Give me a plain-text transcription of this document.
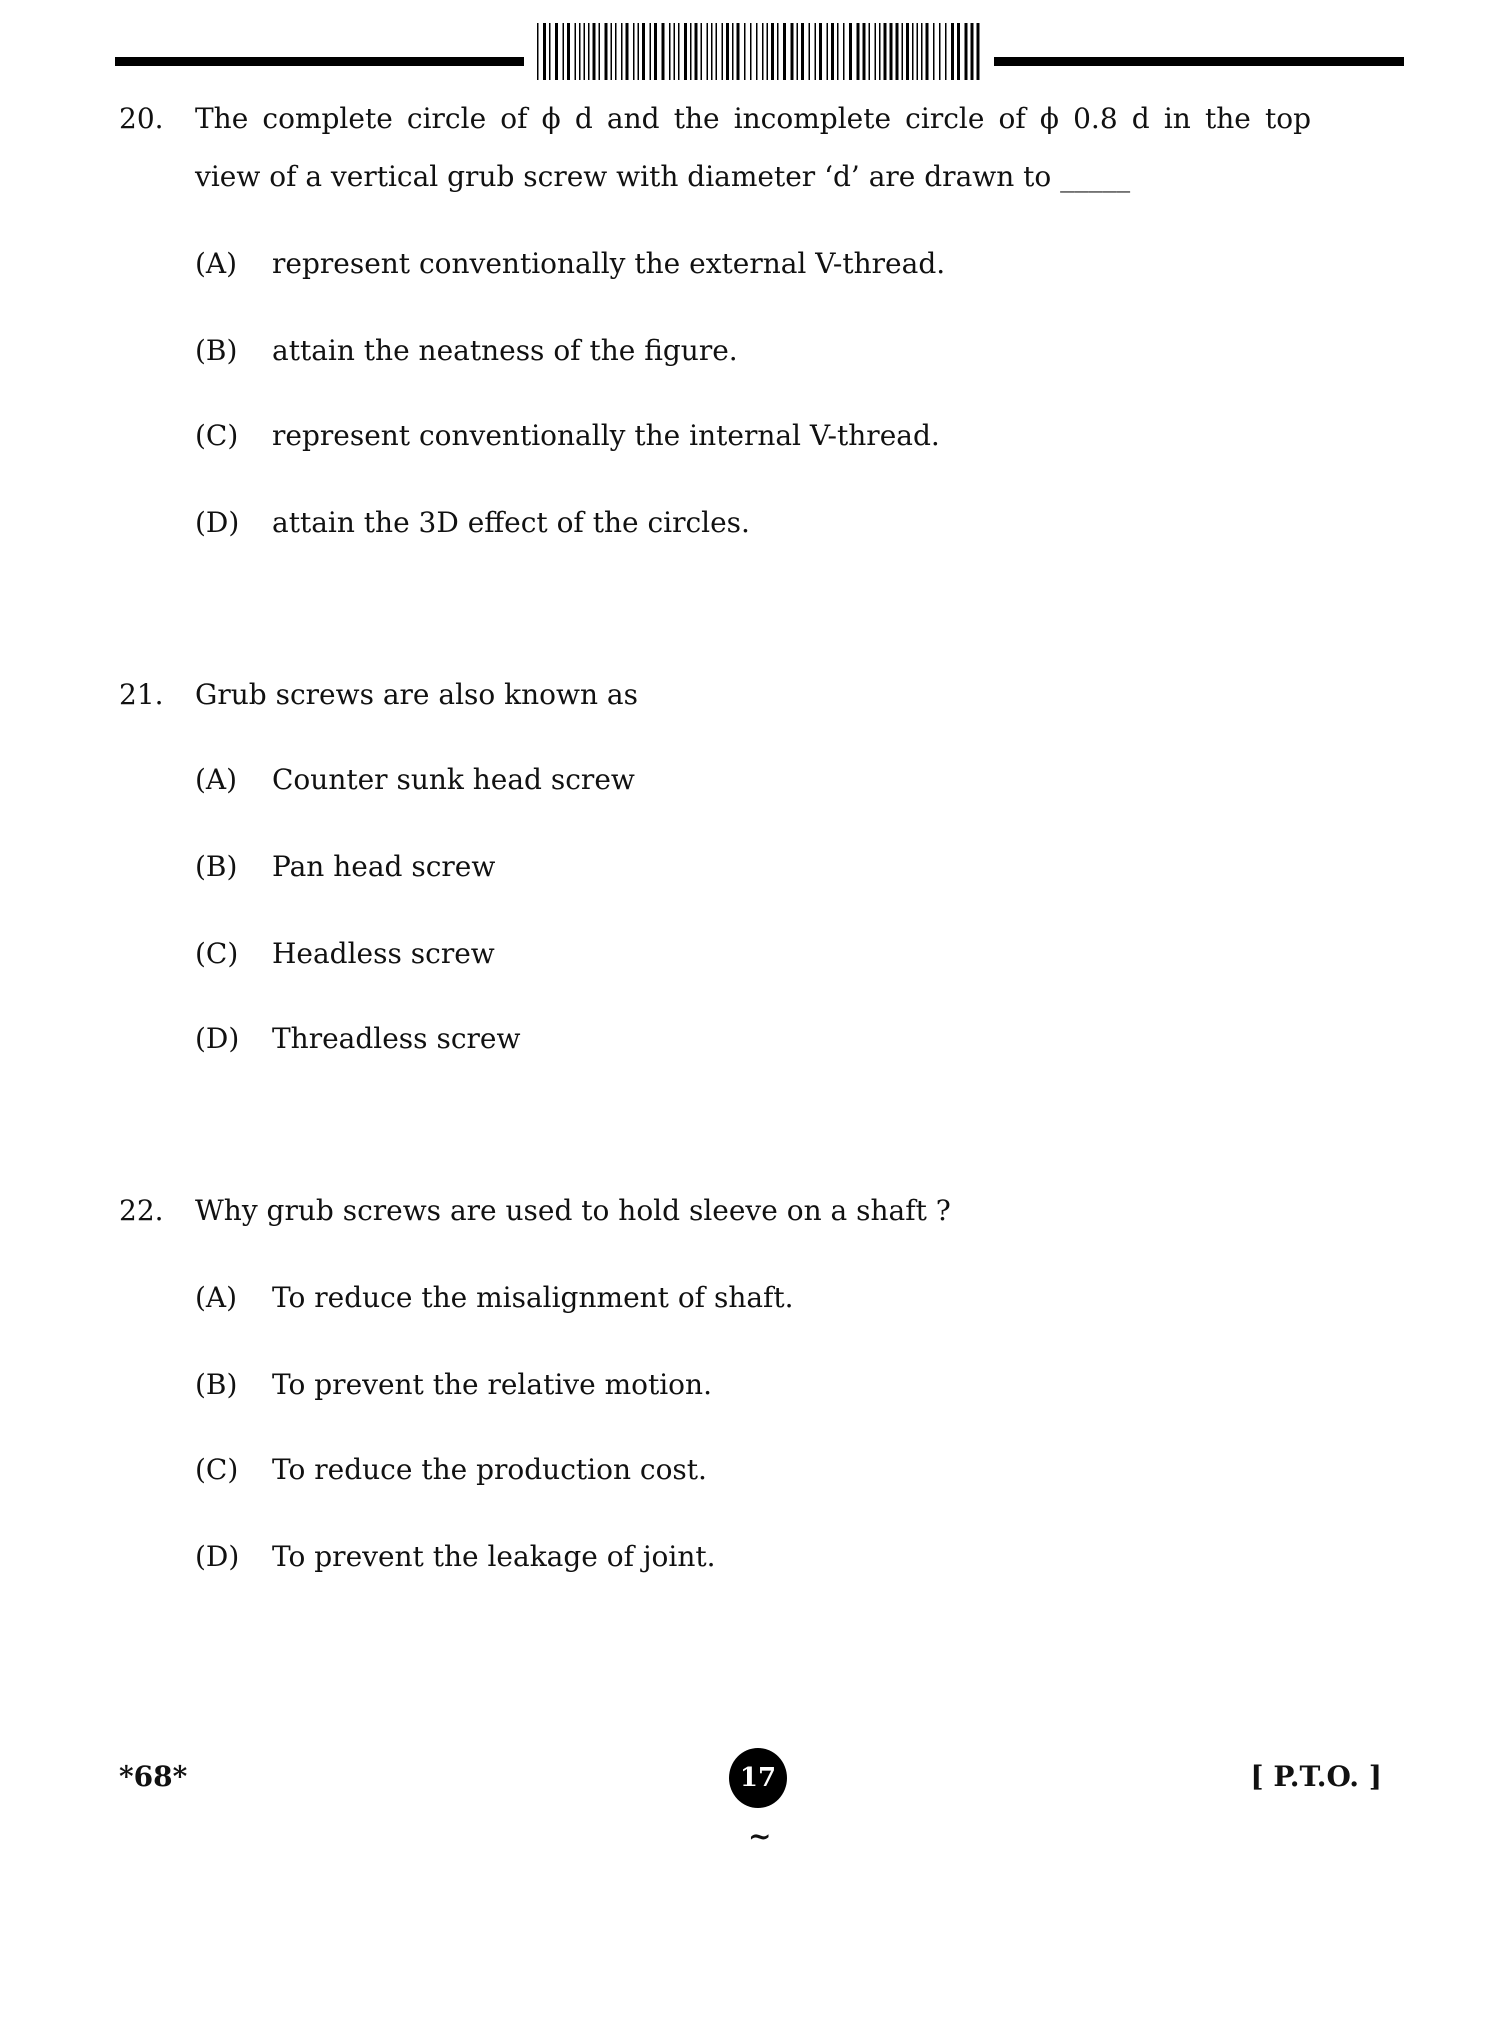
20. The complete circle of ϕ d and the incomplete circle of ϕ 0.8 d in the top
view of a vertical grub screw with diameter ‘d’ are drawn to _____
(A) represent conventionally the external V-thread.
(B) attain the neatness of the figure.
(C) represent conventionally the internal V-thread.
(D) attain the 3D effect of the circles.
21. Grub screws are also known as
(A) Counter sunk head screw
(B) Pan head screw
(C) Headless screw
(D) Threadless screw
22. Why grub screws are used to hold sleeve on a shaft ?
(A) To reduce the misalignment of shaft.
(B) To prevent the relative motion.
(C) To reduce the production cost.
(D) To prevent the leakage of joint.
*68*	17	[ P.T.O. ]
~
